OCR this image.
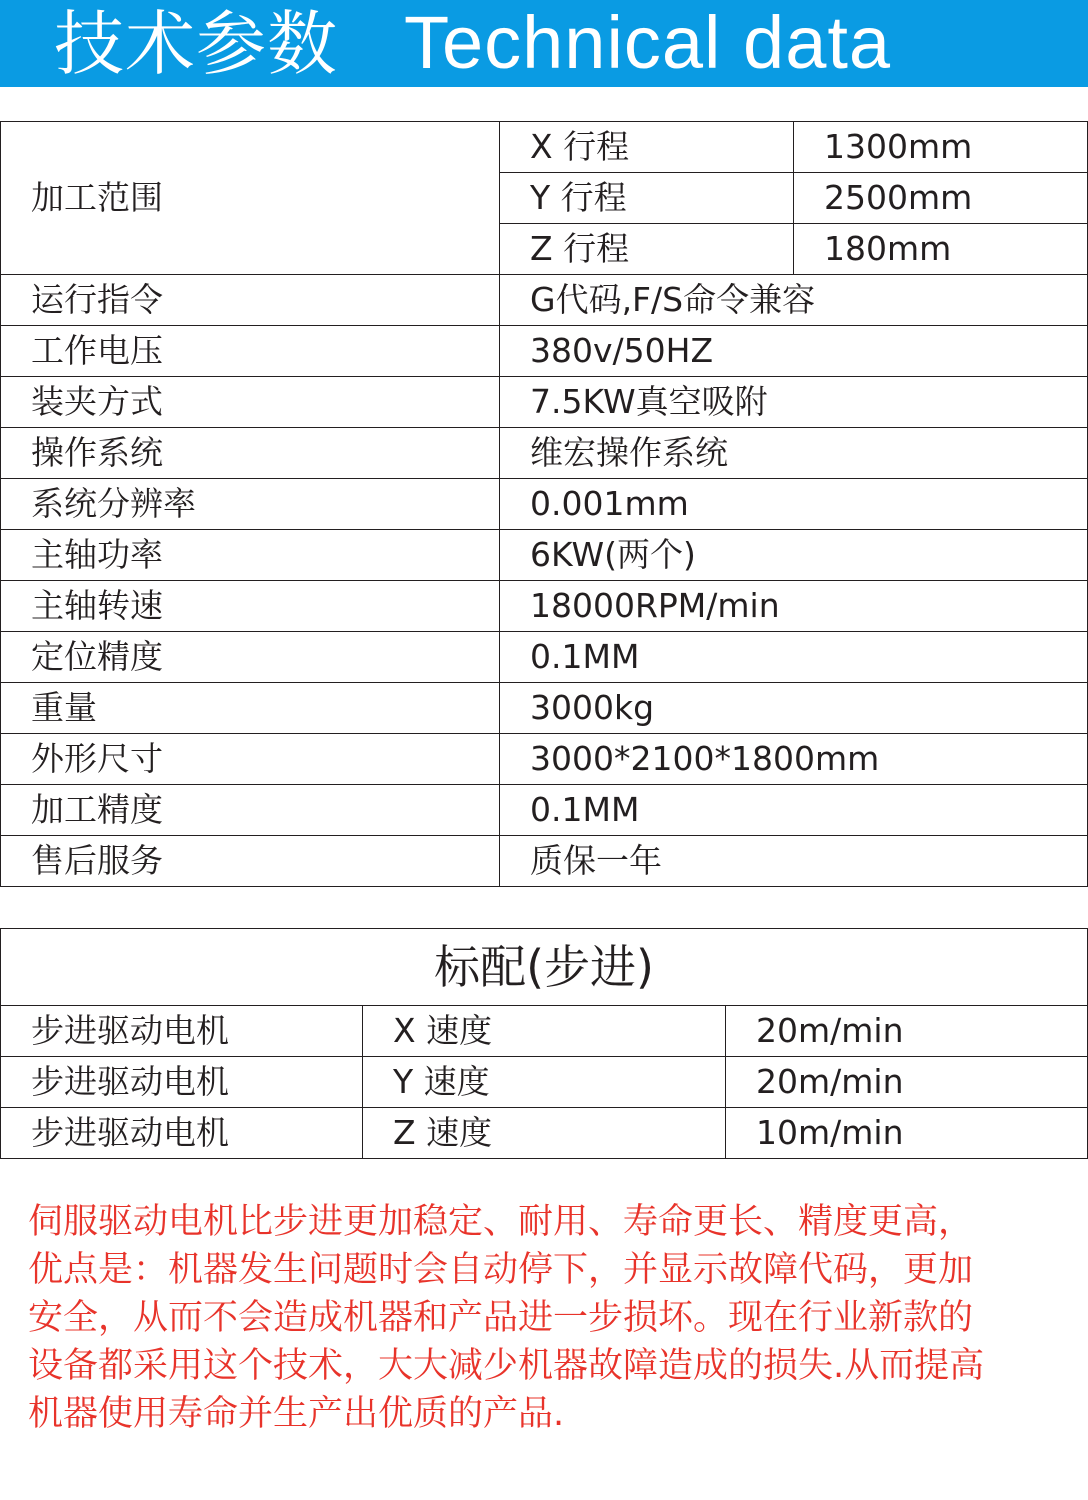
技术参数 Technical data
加工范围	X 行程	1300mm
	Y 行程	2500mm
	Z 行程	180mm
运行指令	G代码,F/S命令兼容	
工作电压	380v/50HZ	
装夹方式	7.5KW真空吸附	
操作系统	维宏操作系统	
系统分辨率	0.001mm	
主轴功率	6KW(两个)	
主轴转速	18000RPM/min	
定位精度	0.1MM	
重量	3000kg	
外形尺寸	3000*2100*1800mm	
加工精度	0.1MM	
售后服务	质保一年	
标配(步进)		
步进驱动电机	X 速度	20m/min
步进驱动电机	Y 速度	20m/min
步进驱动电机	Z 速度	10m/min

伺服驱动电机比步进更加稳定、耐用、寿命更长、精度更高，

优点是：机器发生问题时会自动停下，并显示故障代码，更加

安全，从而不会造成机器和产品进一步损坏。现在行业新款的

设备都采用这个技术，大大减少机器故障造成的损失.从而提高

机器使用寿命并生产出优质的产品.
